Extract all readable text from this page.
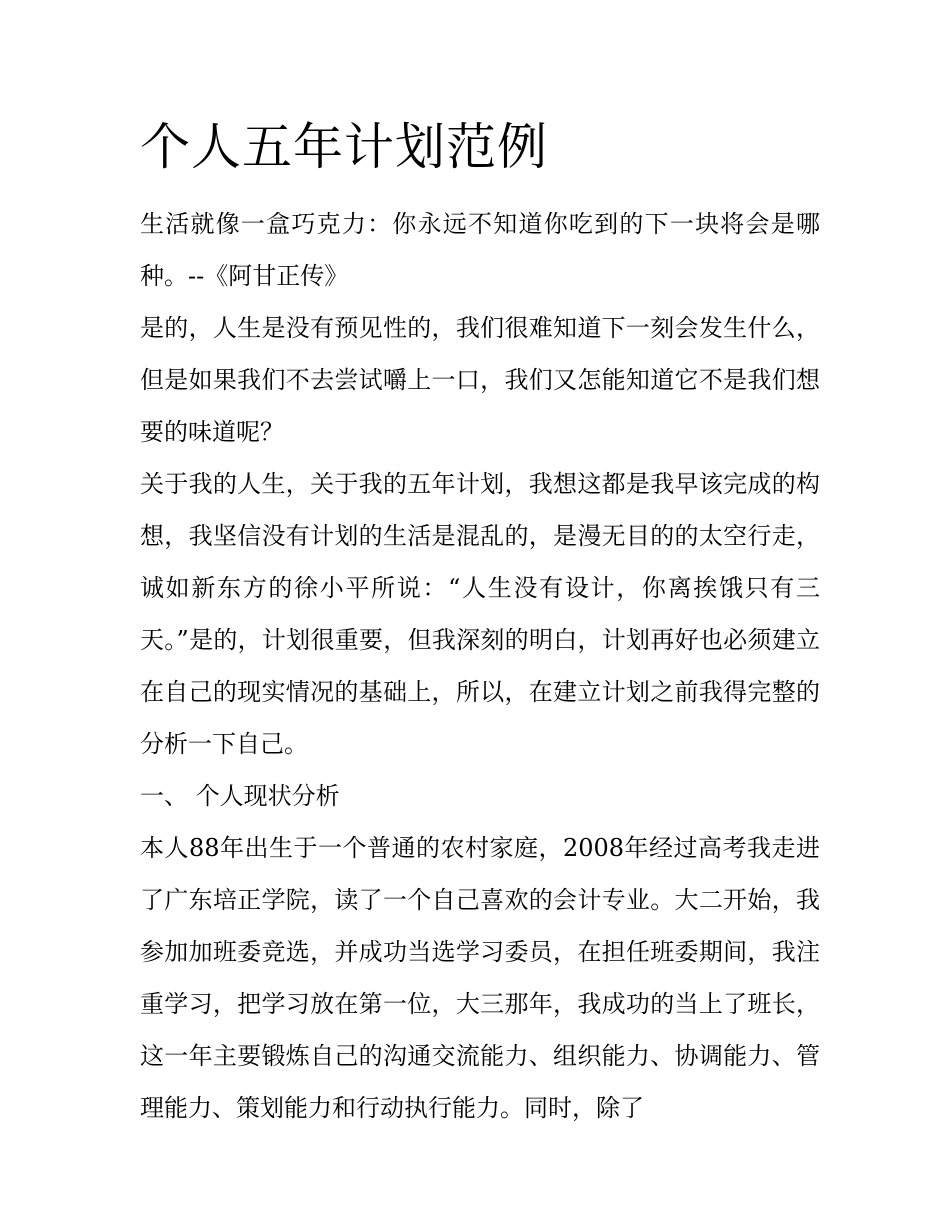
个人五年计划范例

生活就像一盒巧克力：你永远不知道你吃到的下一块将会是哪种。--《阿甘正传》

是的，人生是没有预见性的，我们很难知道下一刻会发生什么，但是如果我们不去尝试嚼上一口，我们又怎能知道它不是我们想要的味道呢？

关于我的人生，关于我的五年计划，我想这都是我早该完成的构想，我坚信没有计划的生活是混乱的，是漫无目的的太空行走，诚如新东方的徐小平所说：“人生没有设计，你离挨饿只有三天。”是的，计划很重要，但我深刻的明白，计划再好也必须建立在自己的现实情况的基础上，所以，在建立计划之前我得完整的分析一下自己。

一、 个人现状分析

本人88年出生于一个普通的农村家庭，2008年经过高考我走进了广东培正学院，读了一个自己喜欢的会计专业。大二开始，我参加加班委竞选，并成功当选学习委员，在担任班委期间，我注重学习，把学习放在第一位，大三那年，我成功的当上了班长，这一年主要锻炼自己的沟通交流能力、组织能力、协调能力、管理能力、策划能力和行动执行能力。同时，除了
